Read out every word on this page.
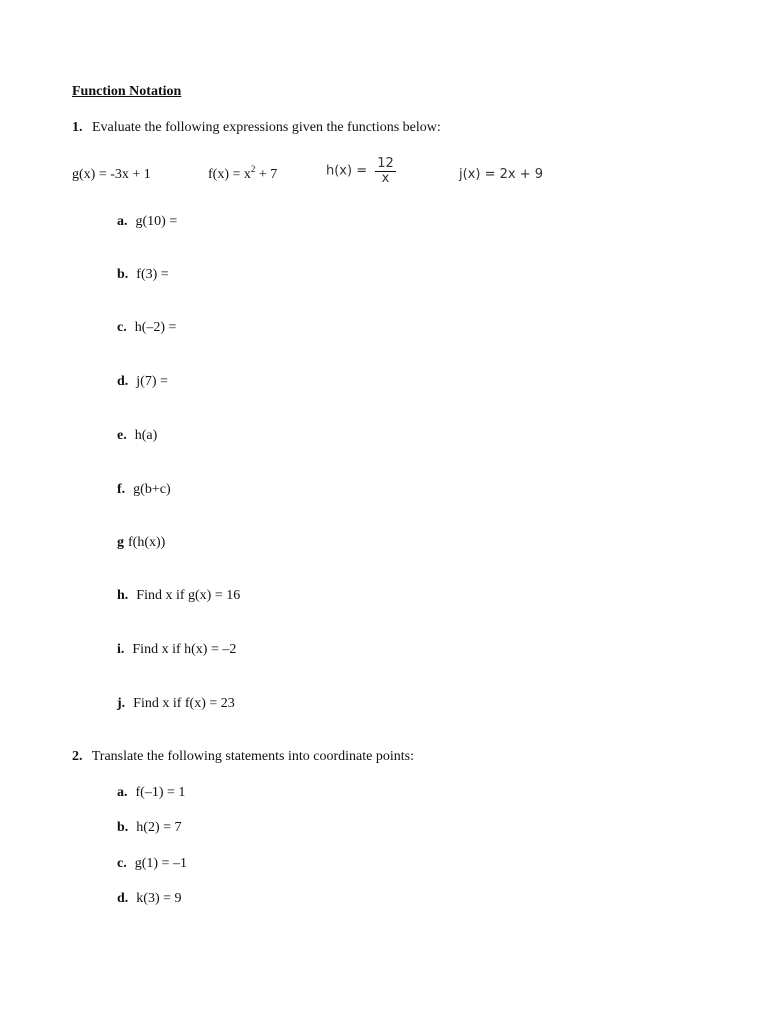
Function Notation
1. Evaluate the following expressions given the functions below:
g(x) = -3x + 1	$f(x) = x^2 + 7$	$h(x) = \frac{12}{x}$	j(x) = 2x + 9
a. g(10) =
b. f(3) =
c. h(–2) =
d. j(7) =
e. h(a)
f. g(b+c)
g f(h(x))
h. Find x if g(x) = 16
i. Find x if h(x) = –2
j. Find x if f(x) = 23
2. Translate the following statements into coordinate points:
a. f(–1) = 1
b. h(2) = 7
c. g(1) = –1
d. k(3) = 9
